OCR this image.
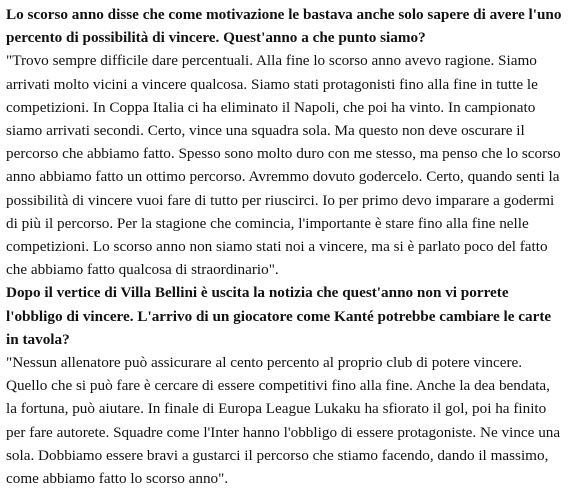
Lo scorso anno disse che come motivazione le bastava anche solo sapere di avere l'uno percento di possibilità di vincere. Quest'anno a che punto siamo?

"Trovo sempre difficile dare percentuali. Alla fine lo scorso anno avevo ragione. Siamo arrivati molto vicini a vincere qualcosa. Siamo stati protagonisti fino alla fine in tutte le competizioni. In Coppa Italia ci ha eliminato il Napoli, che poi ha vinto. In campionato siamo arrivati secondi. Certo, vince una squadra sola. Ma questo non deve oscurare il percorso che abbiamo fatto. Spesso sono molto duro con me stesso, ma penso che lo scorso anno abbiamo fatto un ottimo percorso. Avremmo dovuto godercelo. Certo, quando senti la possibilità di vincere vuoi fare di tutto per riuscirci. Io per primo devo imparare a godermi di più il percorso. Per la stagione che comincia, l'importante è stare fino alla fine nelle competizioni. Lo scorso anno non siamo stati noi a vincere, ma si è parlato poco del fatto che abbiamo fatto qualcosa di straordinario".

Dopo il vertice di Villa Bellini è uscita la notizia che quest'anno non vi porrete l'obbligo di vincere. L'arrivo di un giocatore come Kanté potrebbe cambiare le carte in tavola?

"Nessun allenatore può assicurare al cento percento al proprio club di potere vincere. Quello che si può fare è cercare di essere competitivi fino alla fine. Anche la dea bendata, la fortuna, può aiutare. In finale di Europa League Lukaku ha sfiorato il gol, poi ha finito per fare autorete. Squadre come l'Inter hanno l'obbligo di essere protagoniste. Ne vince una sola. Dobbiamo essere bravi a gustarci il percorso che stiamo facendo, dando il massimo, come abbiamo fatto lo scorso anno".
